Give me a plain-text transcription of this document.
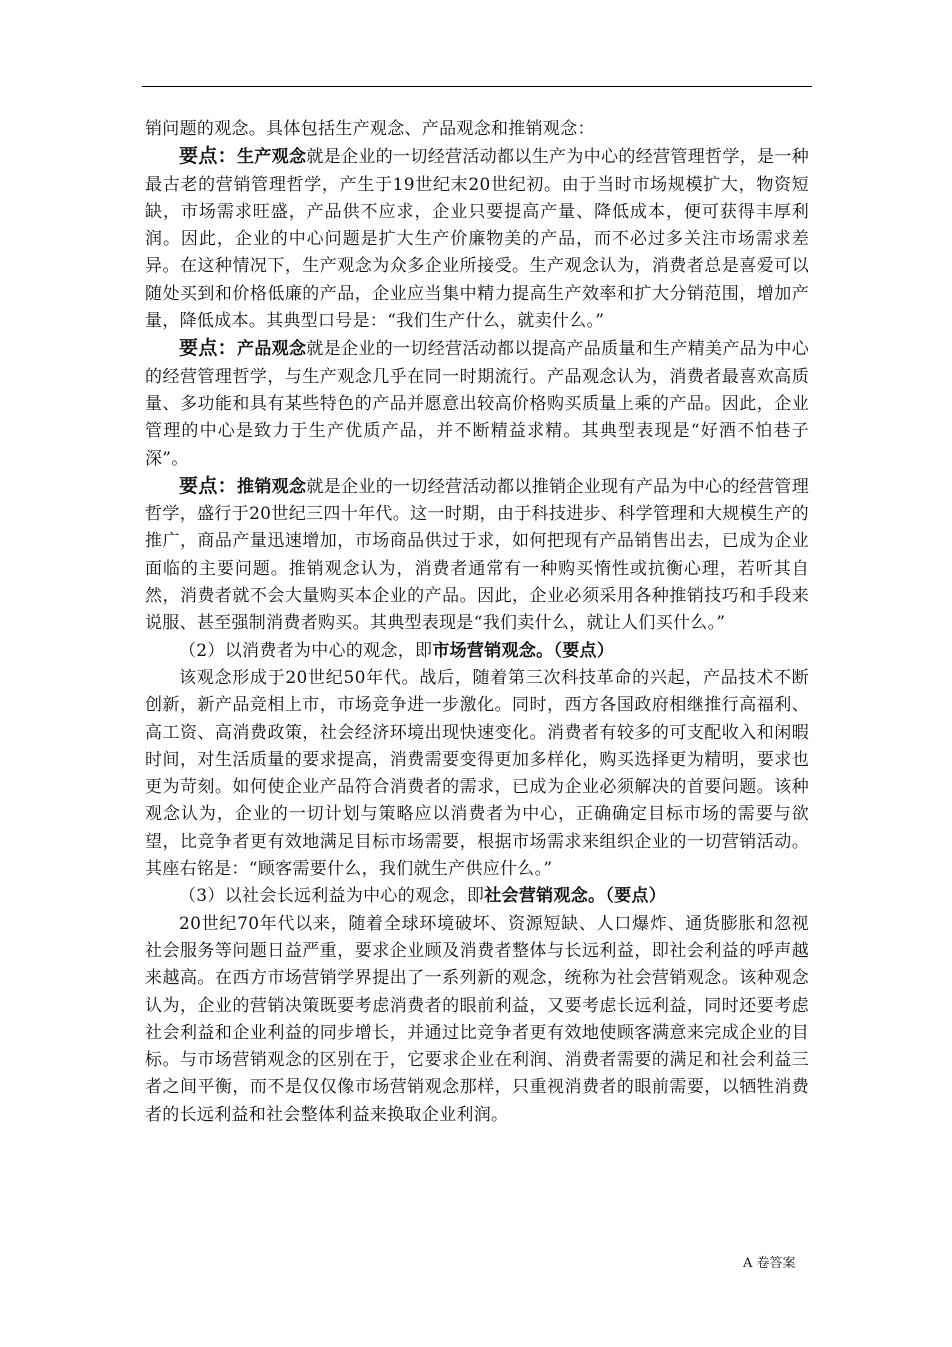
销问题的观念。具体包括生产观念、产品观念和推销观念：

要点：生产观念就是企业的一切经营活动都以生产为中心的经营管理哲学，是一种最古老的营销管理哲学，产生于19世纪末20世纪初。由于当时市场规模扩大，物资短缺，市场需求旺盛，产品供不应求，企业只要提高产量、降低成本，便可获得丰厚利润。因此，企业的中心问题是扩大生产价廉物美的产品，而不必过多关注市场需求差异。在这种情况下，生产观念为众多企业所接受。生产观念认为，消费者总是喜爱可以随处买到和价格低廉的产品，企业应当集中精力提高生产效率和扩大分销范围，增加产量，降低成本。其典型口号是：“我们生产什么，就卖什么。”

要点：产品观念就是企业的一切经营活动都以提高产品质量和生产精美产品为中心的经营管理哲学，与生产观念几乎在同一时期流行。产品观念认为，消费者最喜欢高质量、多功能和具有某些特色的产品并愿意出较高价格购买质量上乘的产品。因此，企业管理的中心是致力于生产优质产品，并不断精益求精。其典型表现是“好酒不怕巷子深”。

要点：推销观念就是企业的一切经营活动都以推销企业现有产品为中心的经营管理哲学，盛行于20世纪三四十年代。这一时期，由于科技进步、科学管理和大规模生产的推广，商品产量迅速增加，市场商品供过于求，如何把现有产品销售出去，已成为企业面临的主要问题。推销观念认为，消费者通常有一种购买惰性或抗衡心理，若听其自然，消费者就不会大量购买本企业的产品。因此，企业必须采用各种推销技巧和手段来说服、甚至强制消费者购买。其典型表现是“我们卖什么，就让人们买什么。”

（2）以消费者为中心的观念，即市场营销观念。（要点）

该观念形成于20世纪50年代。战后，随着第三次科技革命的兴起，产品技术不断创新，新产品竞相上市，市场竞争进一步激化。同时，西方各国政府相继推行高福利、高工资、高消费政策，社会经济环境出现快速变化。消费者有较多的可支配收入和闲暇时间，对生活质量的要求提高，消费需要变得更加多样化，购买选择更为精明，要求也更为苛刻。如何使企业产品符合消费者的需求，已成为企业必须解决的首要问题。该种观念认为，企业的一切计划与策略应以消费者为中心，正确确定目标市场的需要与欲望，比竞争者更有效地满足目标市场需要，根据市场需求来组织企业的一切营销活动。其座右铭是：“顾客需要什么，我们就生产供应什么。”

（3）以社会长远利益为中心的观念，即社会营销观念。（要点）

20世纪70年代以来，随着全球环境破坏、资源短缺、人口爆炸、通货膨胀和忽视社会服务等问题日益严重，要求企业顾及消费者整体与长远利益，即社会利益的呼声越来越高。在西方市场营销学界提出了一系列新的观念，统称为社会营销观念。该种观念认为，企业的营销决策既要考虑消费者的眼前利益，又要考虑长远利益，同时还要考虑社会利益和企业利益的同步增长，并通过比竞争者更有效地使顾客满意来完成企业的目标。与市场营销观念的区别在于，它要求企业在利润、消费者需要的满足和社会利益三者之间平衡，而不是仅仅像市场营销观念那样，只重视消费者的眼前需要，以牺牲消费者的长远利益和社会整体利益来换取企业利润。

A 卷答案
